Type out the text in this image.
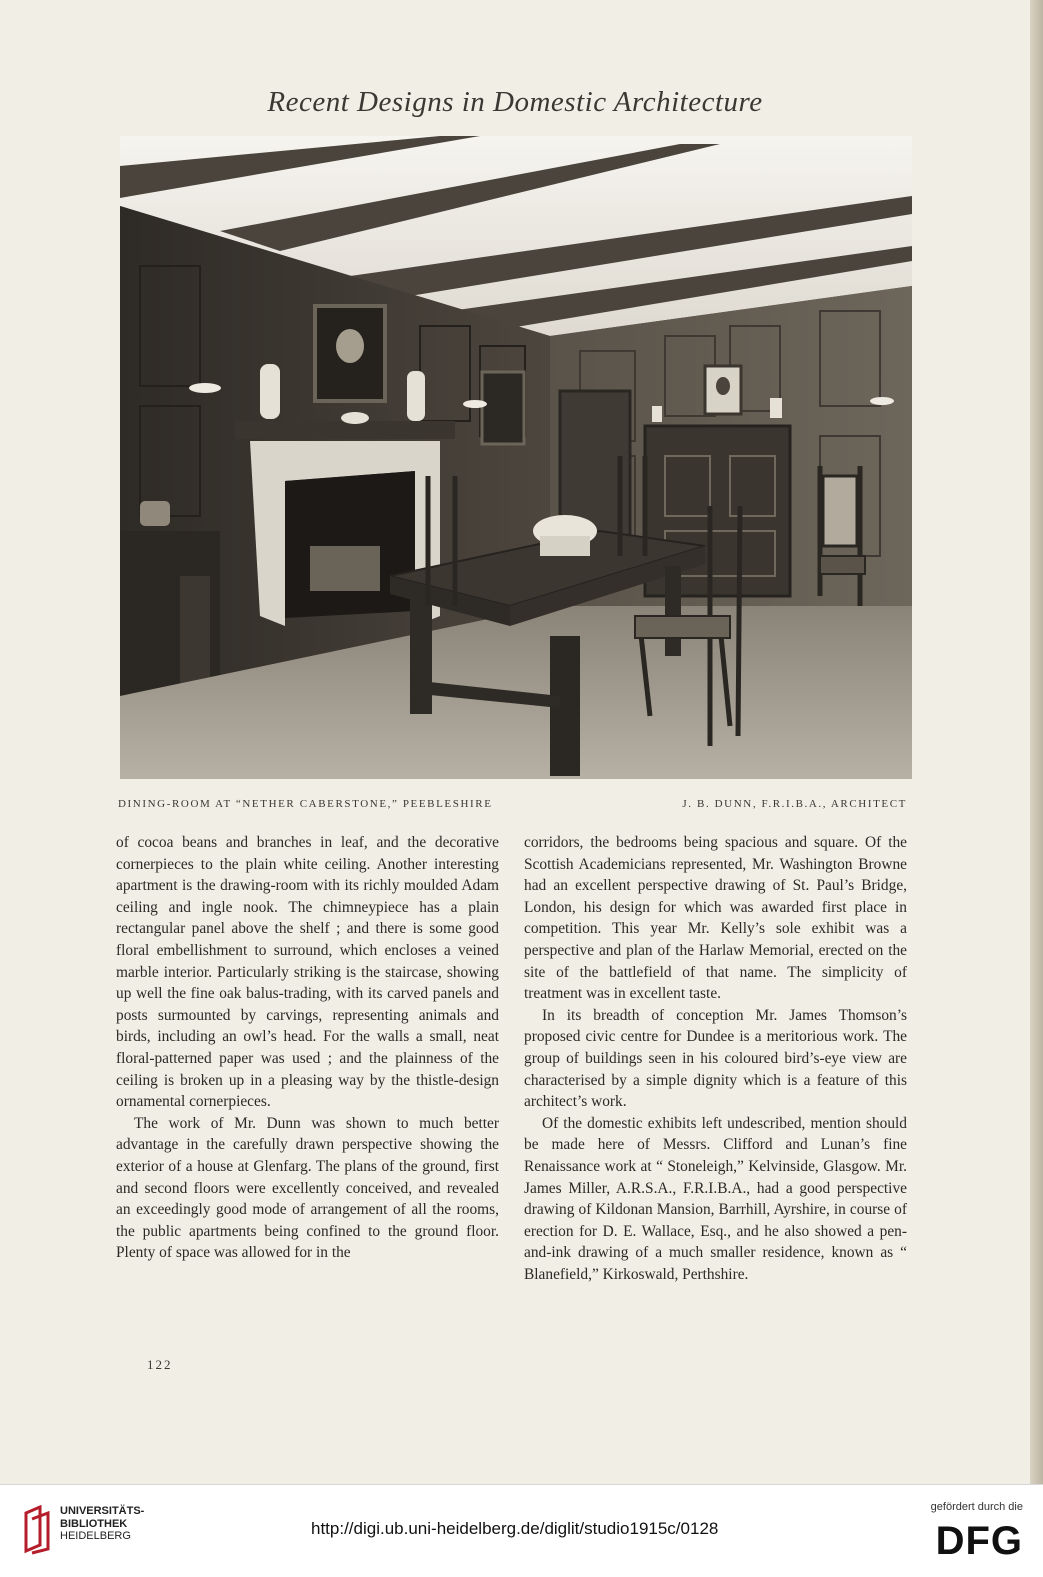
Recent Designs in Domestic Architecture
DINING-ROOM AT “NETHER CABERSTONE,” PEEBLESHIRE	J. B. DUNN, F.R.I.B.A., ARCHITECT

of cocoa beans and branches in leaf, and the decorative cornerpieces to the plain white ceiling. Another interesting apartment is the drawing-room with its richly moulded Adam ceiling and ingle nook. The chimneypiece has a plain rectangular panel above the shelf ; and there is some good floral embellishment to surround, which encloses a veined marble interior. Particularly striking is the staircase, showing up well the fine oak balus-trading, with its carved panels and posts surmounted by carvings, representing animals and birds, including an owl’s head. For the walls a small, neat floral-patterned paper was used ; and the plainness of the ceiling is broken up in a pleasing way by the thistle-design ornamental cornerpieces.

The work of Mr. Dunn was shown to much better advantage in the carefully drawn perspective showing the exterior of a house at Glenfarg. The plans of the ground, first and second floors were excellently conceived, and revealed an exceedingly good mode of arrangement of all the rooms, the public apartments being confined to the ground floor. Plenty of space was allowed for in the

corridors, the bedrooms being spacious and square. Of the Scottish Academicians represented, Mr. Washington Browne had an excellent perspective drawing of St. Paul’s Bridge, London, his design for which was awarded first place in competition. This year Mr. Kelly’s sole exhibit was a perspective and plan of the Harlaw Memorial, erected on the site of the battlefield of that name. The simplicity of treatment was in excellent taste.

In its breadth of conception Mr. James Thomson’s proposed civic centre for Dundee is a meritorious work. The group of buildings seen in his coloured bird’s-eye view are characterised by a simple dignity which is a feature of this architect’s work.

Of the domestic exhibits left undescribed, mention should be made here of Messrs. Clifford and Lunan’s fine Renaissance work at “ Stoneleigh,” Kelvinside, Glasgow. Mr. James Miller, A.R.S.A., F.R.I.B.A., had a good perspective drawing of Kildonan Mansion, Barrhill, Ayrshire, in course of erection for D. E. Wallace, Esq., and he also showed a pen-and-ink drawing of a much smaller residence, known as “ Blanefield,” Kirkoswald, Perthshire.

122
UNIVERSITÄTS-
BIBLIOTHEK
HEIDELBERG	http://digi.ub.uni-heidelberg.de/diglit/studio1915c/0128
gefördert durch die
DFG
